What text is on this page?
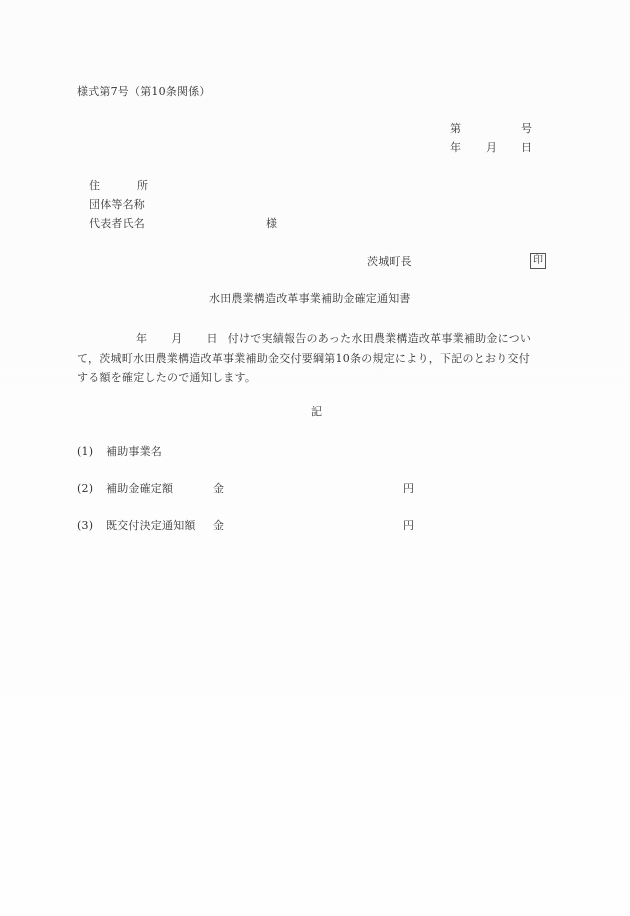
様式第7号（第10条関係）
第	号
年 月 日
住	所
団体等名称
代表者氏名	様
茨城町長	印
水田農業構造改革事業補助金確定通知書
年 月 日 付けで実績報告のあった水田農業構造改革事業補助金につい
て，茨城町水田農業構造改革事業補助金交付要綱第10条の規定により，下記のとおり交付
する額を確定したので通知します。
記
(1) 補助事業名
(2) 補助金確定額	金	円
(3) 既交付決定通知額 金	円
